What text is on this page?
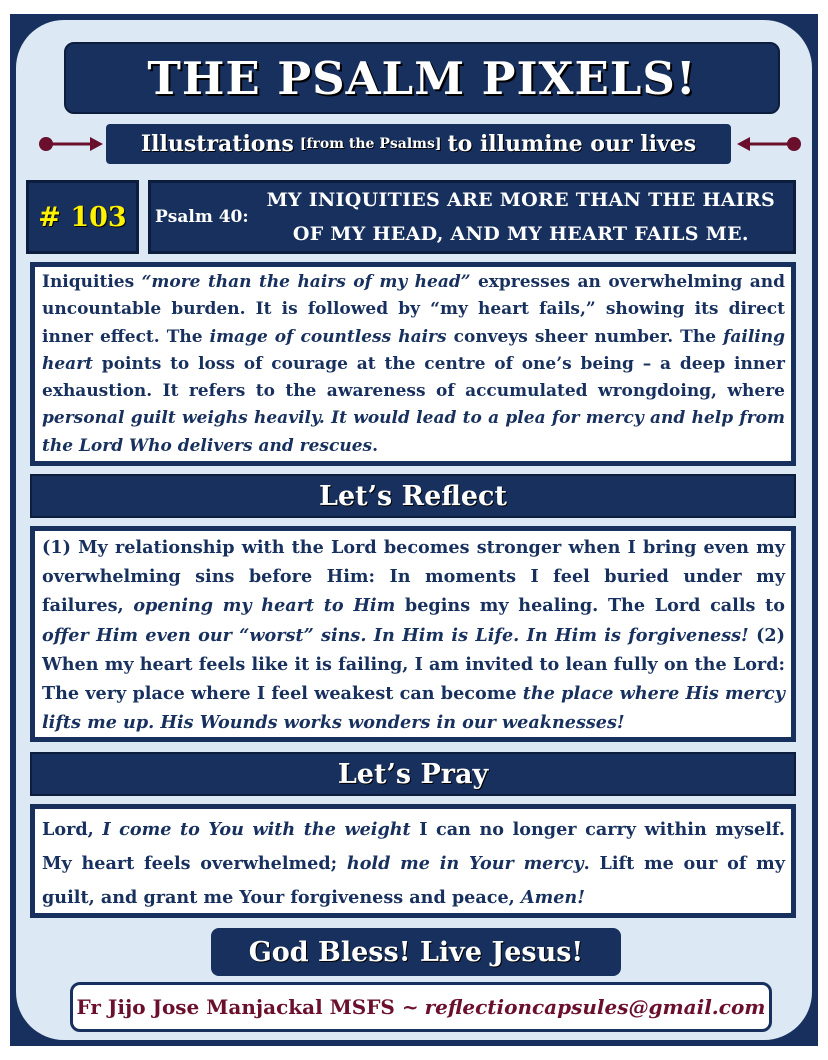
THE PSALM PIXELS!
Illustrations [from the Psalms] to illumine our lives
# 103	Psalm 40:
MY INIQUITIES ARE MORE THAN THE HAIRS
OF MY HEAD, AND MY HEART FAILS ME.
Iniquities “more than the hairs of my head” expresses an overwhelming and uncountable burden. It is followed by “my heart fails,” showing its direct inner effect. The image of countless hairs conveys sheer number. The failing heart points to loss of courage at the centre of one’s being – a deep inner exhaustion. It refers to the awareness of accumulated wrongdoing, where personal guilt weighs heavily. It would lead to a plea for mercy and help from the Lord Who delivers and rescues.
Let’s Reflect
(1) My relationship with the Lord becomes stronger when I bring even my overwhelming sins before Him: In moments I feel buried under my failures, opening my heart to Him begins my healing. The Lord calls to offer Him even our “worst” sins. In Him is Life. In Him is forgiveness! (2) When my heart feels like it is failing, I am invited to lean fully on the Lord: The very place where I feel weakest can become the place where His mercy lifts me up. His Wounds works wonders in our weaknesses!
Let’s Pray
Lord, I come to You with the weight I can no longer carry within myself. My heart feels overwhelmed; hold me in Your mercy. Lift me our of my guilt, and grant me Your forgiveness and peace, Amen!
God Bless! Live Jesus!
Fr Jijo Jose Manjackal MSFS ~ reflectioncapsules@gmail.com
